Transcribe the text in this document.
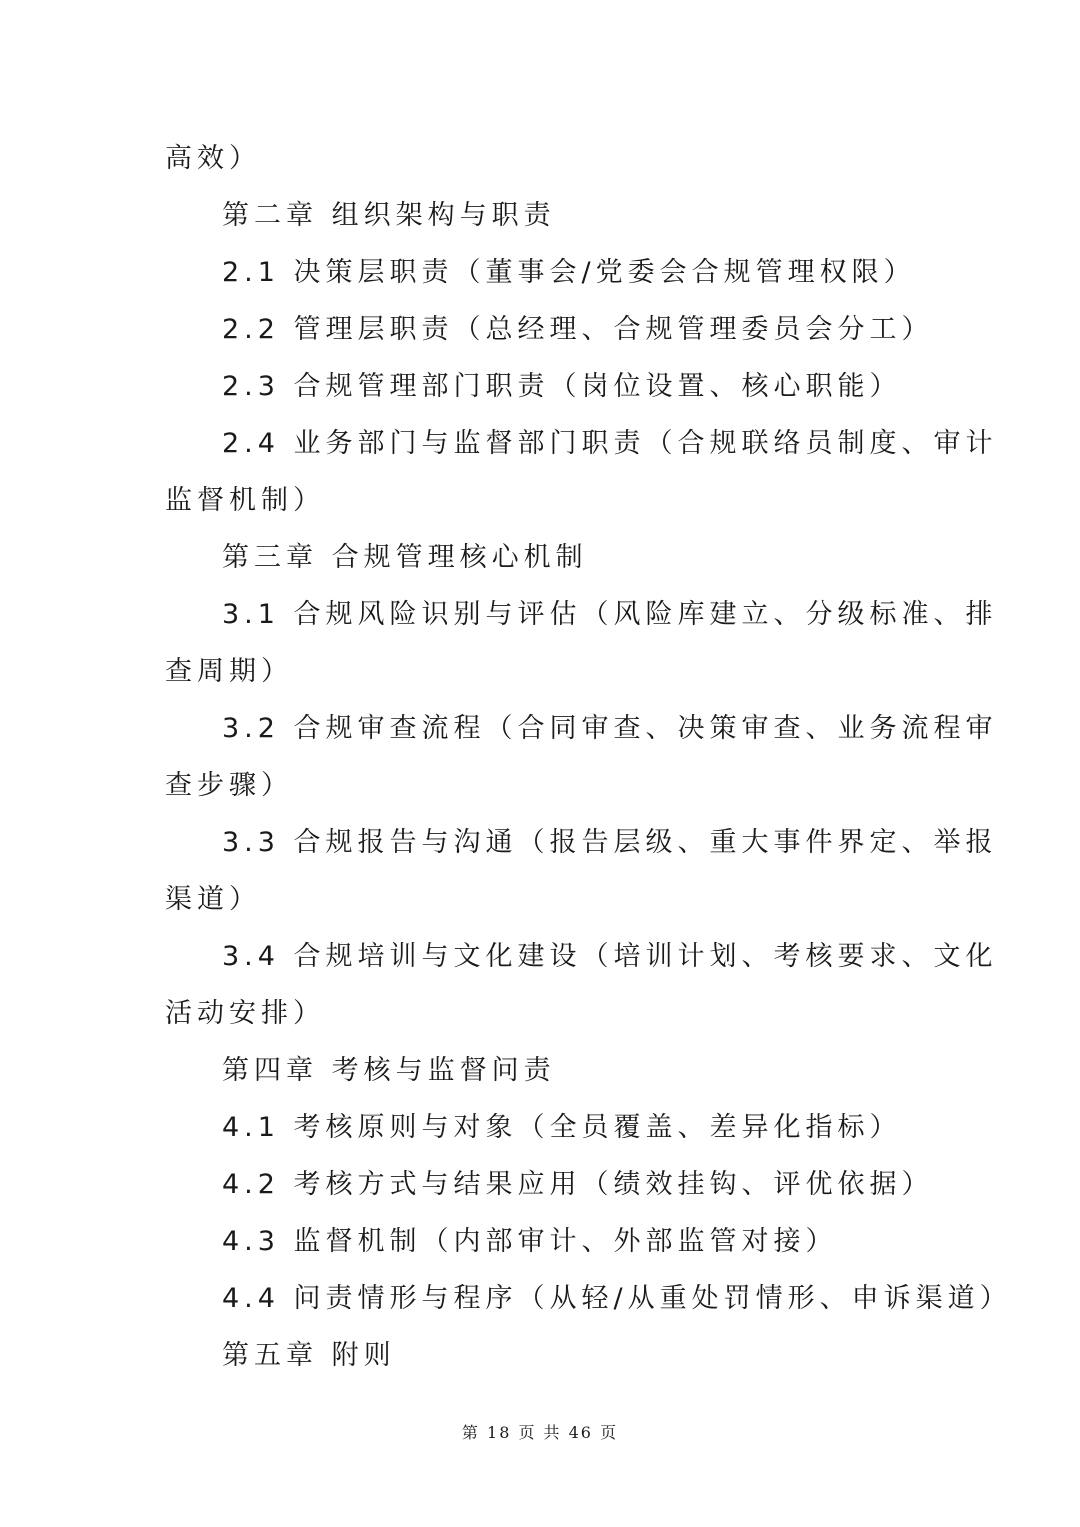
高效）
第二章 组织架构与职责
2.1 决策层职责（董事会/党委会合规管理权限）
2.2 管理层职责（总经理、合规管理委员会分工）
2.3 合规管理部门职责（岗位设置、核心职能）
2.4 业务部门与监督部门职责（合规联络员制度、审计
监督机制）
第三章 合规管理核心机制
3.1 合规风险识别与评估（风险库建立、分级标准、排
查周期）
3.2 合规审查流程（合同审查、决策审查、业务流程审
查步骤）
3.3 合规报告与沟通（报告层级、重大事件界定、举报
渠道）
3.4 合规培训与文化建设（培训计划、考核要求、文化
活动安排）
第四章 考核与监督问责
4.1 考核原则与对象（全员覆盖、差异化指标）
4.2 考核方式与结果应用（绩效挂钩、评优依据）
4.3 监督机制（内部审计、外部监管对接）
4.4 问责情形与程序（从轻/从重处罚情形、申诉渠道）
第五章 附则
第 18 页 共 46 页
